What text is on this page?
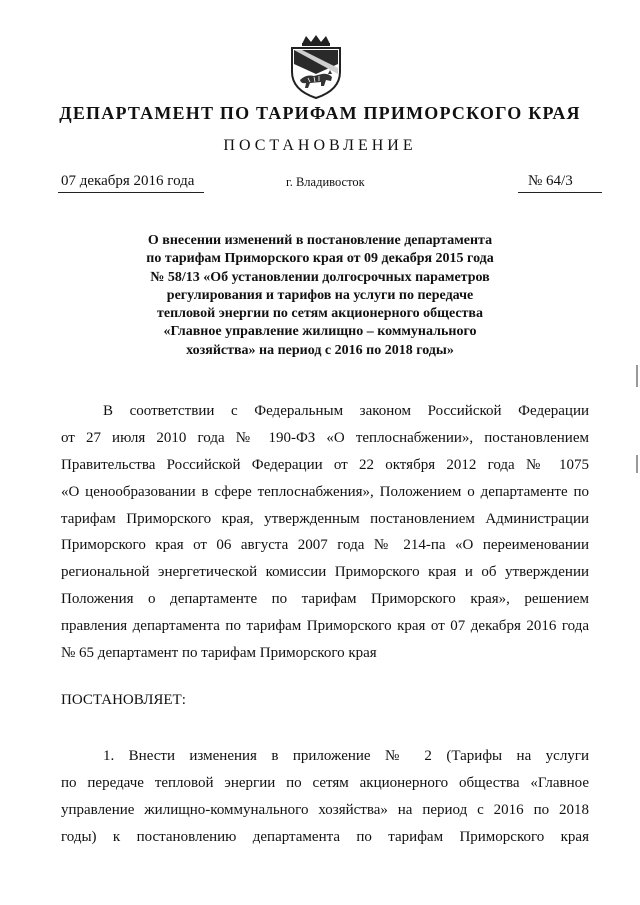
ДЕПАРТАМЕНТ ПО ТАРИФАМ ПРИМОРСКОГО КРАЯ
ПОСТАНОВЛЕНИЕ
07 декабря 2016 года	г. Владивосток	№ 64/3
О внесении изменений в постановление департамента
по тарифам Приморского края от 09 декабря 2015 года
№ 58/13 «Об установлении долгосрочных параметров
регулирования и тарифов на услуги по передаче
тепловой энергии по сетям акционерного общества
«Главное управление жилищно – коммунального
хозяйства» на период с 2016 по 2018 годы»
В соответствии с Федеральным законом Российской Федерации
от 27 июля 2010 года № 190-ФЗ «О теплоснабжении», постановлением
Правительства Российской Федерации от 22 октября 2012 года № 1075
«О ценообразовании в сфере теплоснабжения», Положением о департаменте по
тарифам Приморского края, утвержденным постановлением Администрации
Приморского края от 06 августа 2007 года № 214-па «О переименовании
региональной энергетической комиссии Приморского края и об утверждении
Положения о департаменте по тарифам Приморского края», решением
правления департамента по тарифам Приморского края от 07 декабря 2016 года
№ 65 департамент по тарифам Приморского края
ПОСТАНОВЛЯЕТ:
1. Внести изменения в приложение № 2 (Тарифы на услуги
по передаче тепловой энергии по сетям акционерного общества «Главное
управление жилищно-коммунального хозяйства» на период с 2016 по 2018
годы) к постановлению департамента по тарифам Приморского края
